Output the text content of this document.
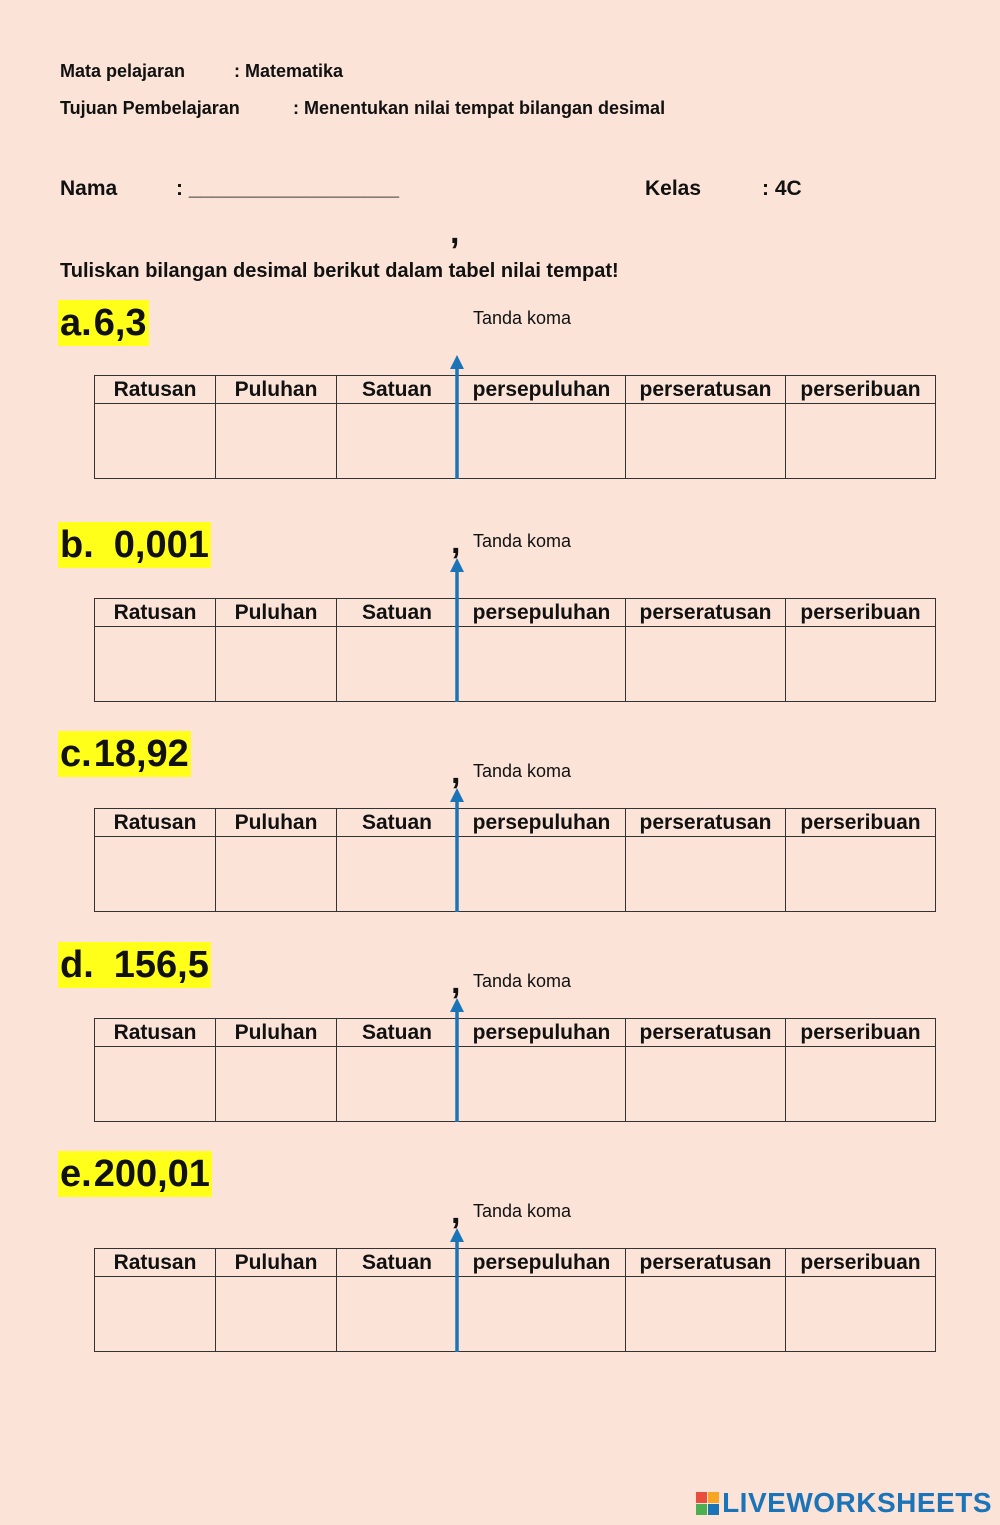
Mata pelajaran	: Matematika
Tujuan Pembelajaran	: Menentukan nilai tempat bilangan desimal
Nama	: __________________	Kelas	: 4C
,
Tuliskan bilangan desimal berikut dalam tabel nilai tempat!
a.6,3	Tanda koma
Ratusan	Puluhan	Satuan	persepuluhan	perseratusan	perseribuan

b. 0,001	, Tanda koma
Ratusan	Puluhan	Satuan	persepuluhan	perseratusan	perseribuan

c.18,92	, Tanda koma
Ratusan	Puluhan	Satuan	persepuluhan	perseratusan	perseribuan

d. 156,5	, Tanda koma
Ratusan	Puluhan	Satuan	persepuluhan	perseratusan	perseribuan

e.200,01
, Tanda koma
Ratusan	Puluhan	Satuan	persepuluhan	perseratusan	perseribuan

LIVEWORKSHEETS
